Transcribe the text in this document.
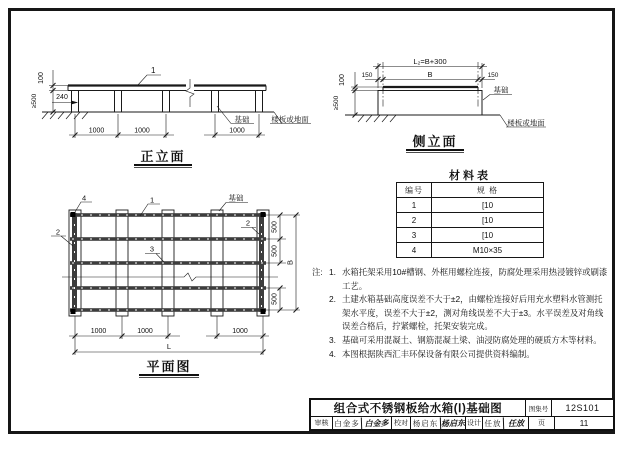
100
≥500	240
1000	1000	1000
1
基础	楼板或地面
正立面
L₂=B+300
B
150	150
100
≥500
基础
楼板或地面
侧立面
材料表
编号	规 格
1	[10
2	[10
3	[10
4	M10×35
4	1	基础
2
2
3
500
500
500
B
1000	1000	1000
L
平面图
注: 1. 水箱托架采用10#槽钢、外框用螺栓连接，防腐处理采用热浸镀锌或刷漆工艺。
2. 土建水箱基础高度误差不大于±2，由螺栓连接好后用充水塑料水管测托架水平度，误差不大于±2，测对角线误差不大于±3。水平误差及对角线误差合格后，拧紧螺栓，托架安装完成。
3. 基础可采用混凝土、钢筋混凝土梁、油浸防腐处理的硬质方木等材料。
4. 本图根据陕西汇丰环保设备有限公司提供资料编制。
组合式不锈钢板给水箱(Ⅰ)基础图	图集号	12S101
审核 白金多 白金多 校对 杨启东 杨启东 设计 任放 任放	页	11
